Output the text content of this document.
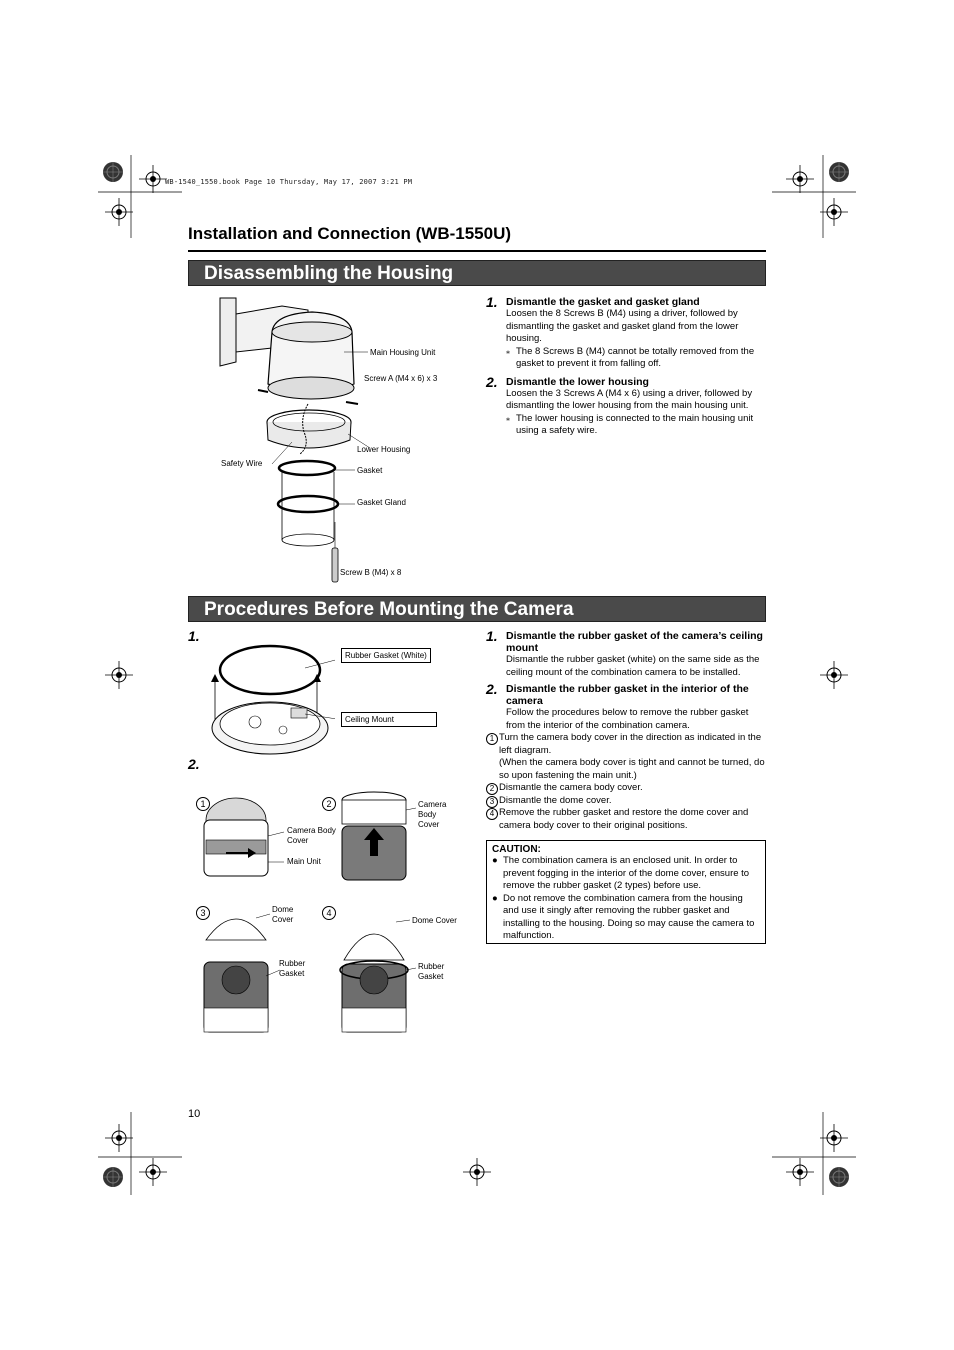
WB-1540_1550.book Page 10 Thursday, May 17, 2007 3:21 PM
Installation and Connection (WB-1550U)
Disassembling the Housing
Main Housing Unit
Screw A (M4 x 6) x 3
Lower Housing
Safety Wire
Gasket
Gasket Gland
Screw B (M4) x 8
1. Dismantle the gasket and gasket gland
Loosen the 8 Screws B (M4) using a driver, followed by dismantling the gasket and gasket gland from the lower housing.
⁎ The 8 Screws B (M4) cannot be totally removed from the gasket to prevent it from falling off.
2. Dismantle the lower housing
Loosen the 3 Screws A (M4 x 6) using a driver, followed by dismantling the lower housing from the main housing unit.
⁎ The lower housing is connected to the main housing unit using a safety wire.
Procedures Before Mounting the Camera
1.
Rubber Gasket (White)
Ceiling Mount
2.
1	2
3	4
Camera Body Cover
Main Unit
Camera Body Cover
Dome Cover
Rubber Gasket
Dome Cover
Rubber Gasket
1. Dismantle the rubber gasket of the camera’s ceiling mount
Dismantle the rubber gasket (white) on the same side as the ceiling mount of the combination camera to be installed.
2. Dismantle the rubber gasket in the interior of the camera
Follow the procedures below to remove the rubber gasket from the interior of the combination camera.
1 Turn the camera body cover in the direction as indicated in the left diagram.
(When the camera body cover is tight and cannot be turned, do so upon fastening the main unit.)
2 Dismantle the camera body cover.
3 Dismantle the dome cover.
4 Remove the rubber gasket and restore the dome cover and camera body cover to their original positions.
CAUTION:
● The combination camera is an enclosed unit. In order to prevent fogging in the interior of the dome cover, ensure to remove the rubber gasket (2 types) before use.
● Do not remove the combination camera from the housing and use it singly after removing the rubber gasket and installing to the housing. Doing so may cause the camera to malfunction.
10
